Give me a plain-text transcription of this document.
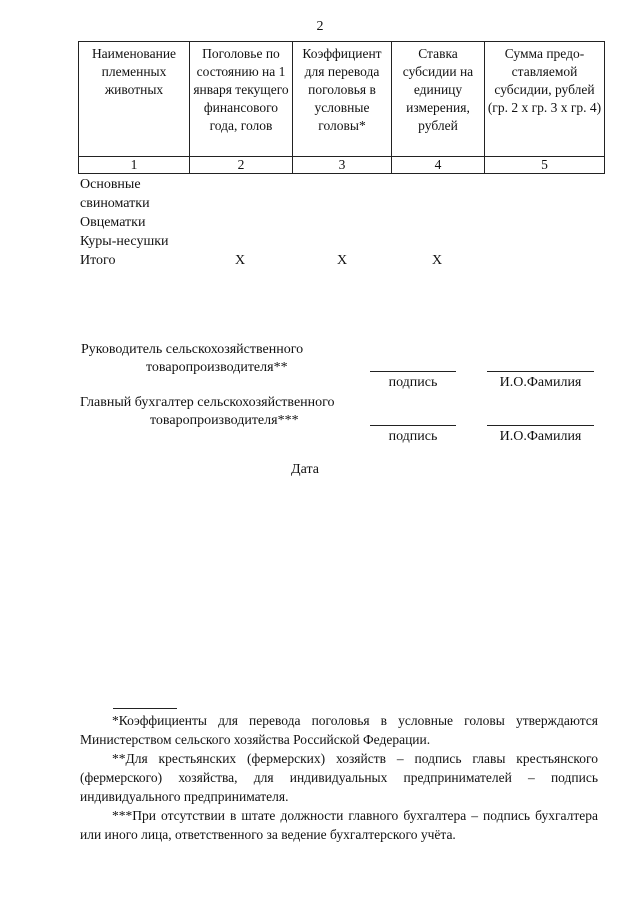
2
Наименование племенных животных	Поголовье по состоянию на 1 января текущего финансового года, голов	Коэффициент для перевода поголовья в условные головы*	Ставка субсидии на единицу измерения, рублей	Сумма предо-ставляемой субсидии, рублей (гр. 2 х гр. 3 х гр. 4)
1	2	3	4	5
Основные
свиноматки
Овцематки
Куры-несушки
Итого	Х	Х	Х
Руководитель сельскохозяйственного
товаропроизводителя**
подпись	И.О.Фамилия
Главный бухгалтер сельскохозяйственного
товаропроизводителя***
подпись	И.О.Фамилия
Дата

*Коэффициенты для перевода поголовья в условные головы утверждаются Министерством сельского хозяйства Российской Федерации.

**Для крестьянских (фермерских) хозяйств – подпись главы крестьянского (фермерского) хозяйства, для индивидуальных предпринимателей – подпись индивидуального предпринимателя.

***При отсутствии в штате должности главного бухгалтера – подпись бухгалтера или иного лица, ответственного за ведение бухгалтерского учёта.
